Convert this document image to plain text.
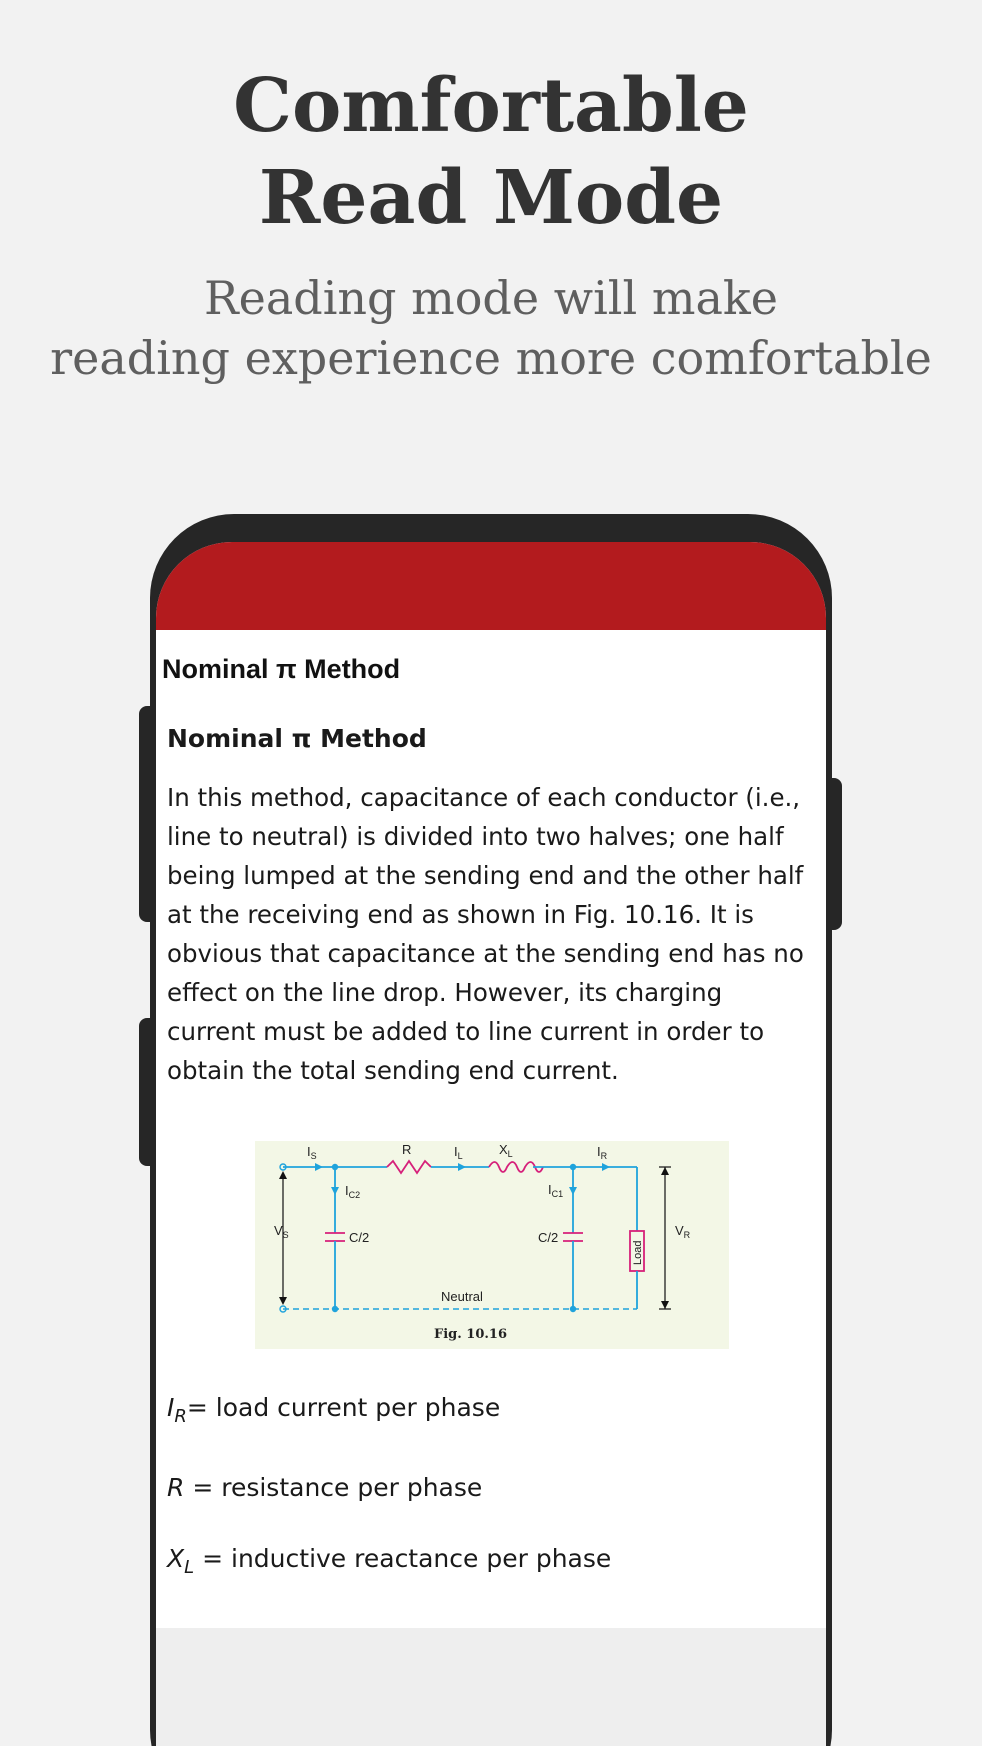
Comfortable
Read Mode
Reading mode will make
reading experience more comfortable
Nominal π Method
Nominal π Method

In this method, capacitance of each conductor (i.e., line to neutral) is divided into two halves; one half being lumped at the sending end and the other half at the receiving end as shown in Fig. 10.16. It is obvious that capacitance at the sending end has no effect on the line drop. However, its charging current must be added to line current in order to obtain the total sending end current.

$I_S$	R	$I_L$	$X_L$	$I_R$
$I_{C2}$	$I_{C1}$
$V_S$	C/2	C/2
Load
$V_R$
Neutral
Fig. 10.16
$I_R=$ load current per phase
R = resistance per phase
$X_L$ = inductive reactance per phase
